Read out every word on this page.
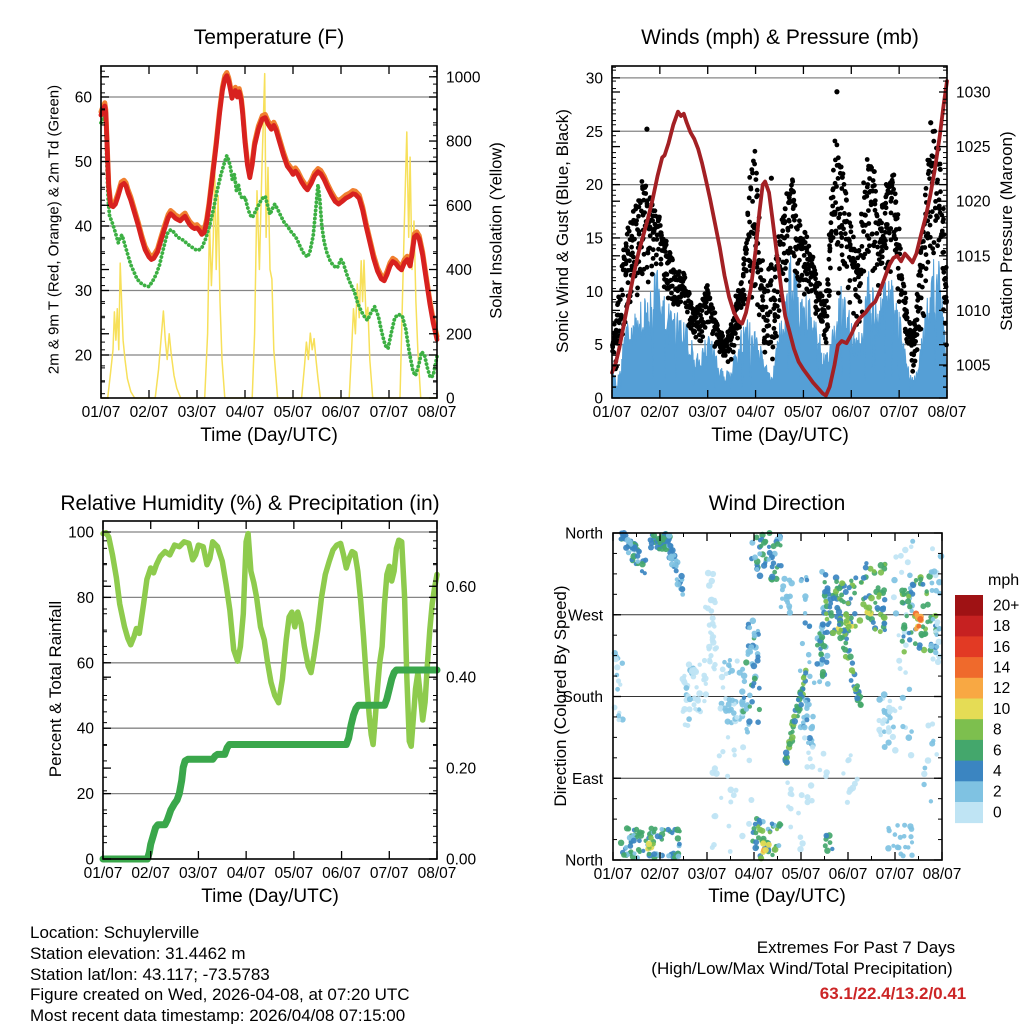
01/07 02/07 03/07 04/07 05/07 06/07 07/07 08/07
20
30
40
50
60
0
200
400
600
800
1000
01/07 02/07 03/07 04/07 05/07 06/07 07/07 08/07
0
5
10
15
20
25
30
1005
1010
1015
1020
1025
1030
01/07 02/07 03/07 04/07 05/07 06/07 07/07 08/07
0
20
40
60
80
100
0.00
0.20
0.40
0.60
01/07 02/07 03/07 04/07 05/07 06/07 07/07 08/07
North
West
South
East
North
20+
18
16
14
12
10
8
6
4
2
0
Temperature (F)	Winds (mph) & Pressure (mb)
Relative Humidity (%) & Precipitation (in)	Wind Direction
Time (Day/UTC)	Time (Day/UTC)
Time (Day/UTC)	Time (Day/UTC)
2m & 9m T (Red, Orange) & 2m Td (Green)	Solar Insolation (Yellow)	Sonic Wind & Gust (Blue, Black)	Station Pressure (Maroon)
Percent & Total Rainfall	Direction (Colored By Speed)
mph
Location: Schuylerville
Station elevation: 31.4462 m
Station lat/lon: 43.117; -73.5783
Figure created on Wed, 2026-04-08, at 07:20 UTC
Most recent data timestamp: 2026/04/08 07:15:00
Extremes For Past 7 Days
(High/Low/Max Wind/Total Precipitation)
63.1/22.4/13.2/0.41
